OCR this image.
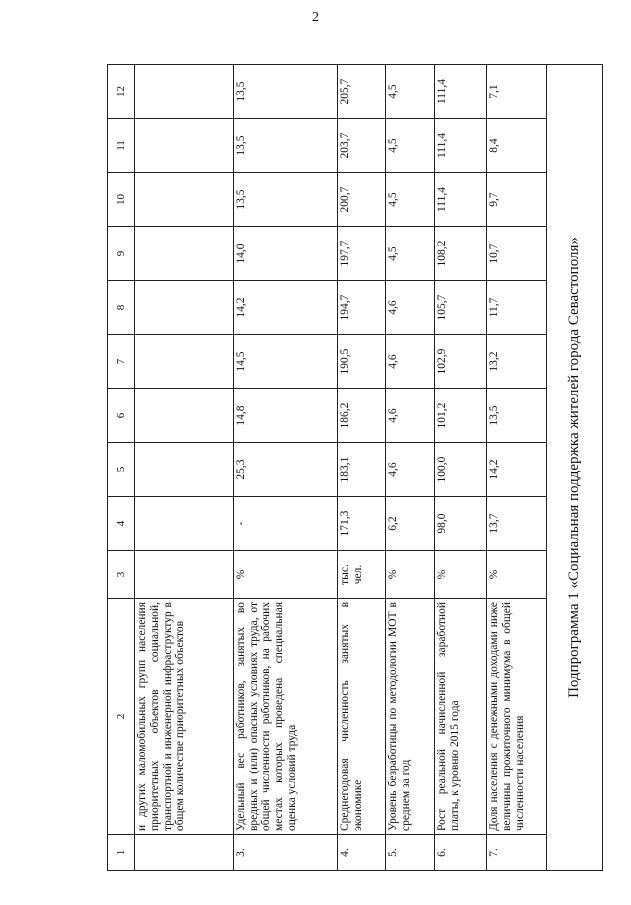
2
1	2	3	4	5	6	7	8	9	10	11	12
	и других маломобильных групп населения приоритетных объектов социальной, транспортной и инженерной инфраструктур в общем количестве приоритетных объектов										
3.	Удельный вес работников, занятых во вредных и (или) опасных условиях труда, от общей численности работников, на рабочих местах которых проведена специальная оценка условий труда	%	-	25,3	14,8	14,5	14,2	14,0	13,5	13,5	13,5
4.	Среднегодовая численность занятых в экономике	тыс. чел.	171,3	183,1	186,2	190,5	194,7	197,7	200,7	203,7	205,7
5.	Уровень безработицы по методологии МОТ в среднем за год	%	6,2	4,6	4,6	4,6	4,6	4,5	4,5	4,5	4,5
6.	Рост реальной начисленной заработной платы, к уровню 2015 года	%	98,0	100,0	101,2	102,9	105,7	108,2	111,4	111,4	111,4
7.	Доля населения с денежными доходами ниже величины прожиточного минимума в общей численности населения	%	13,7	14,2	13,5	13,2	11,7	10,7	9,7	8,4	7,1
Подпрограмма 1 «Социальная поддержка жителей города Севастополя»											
